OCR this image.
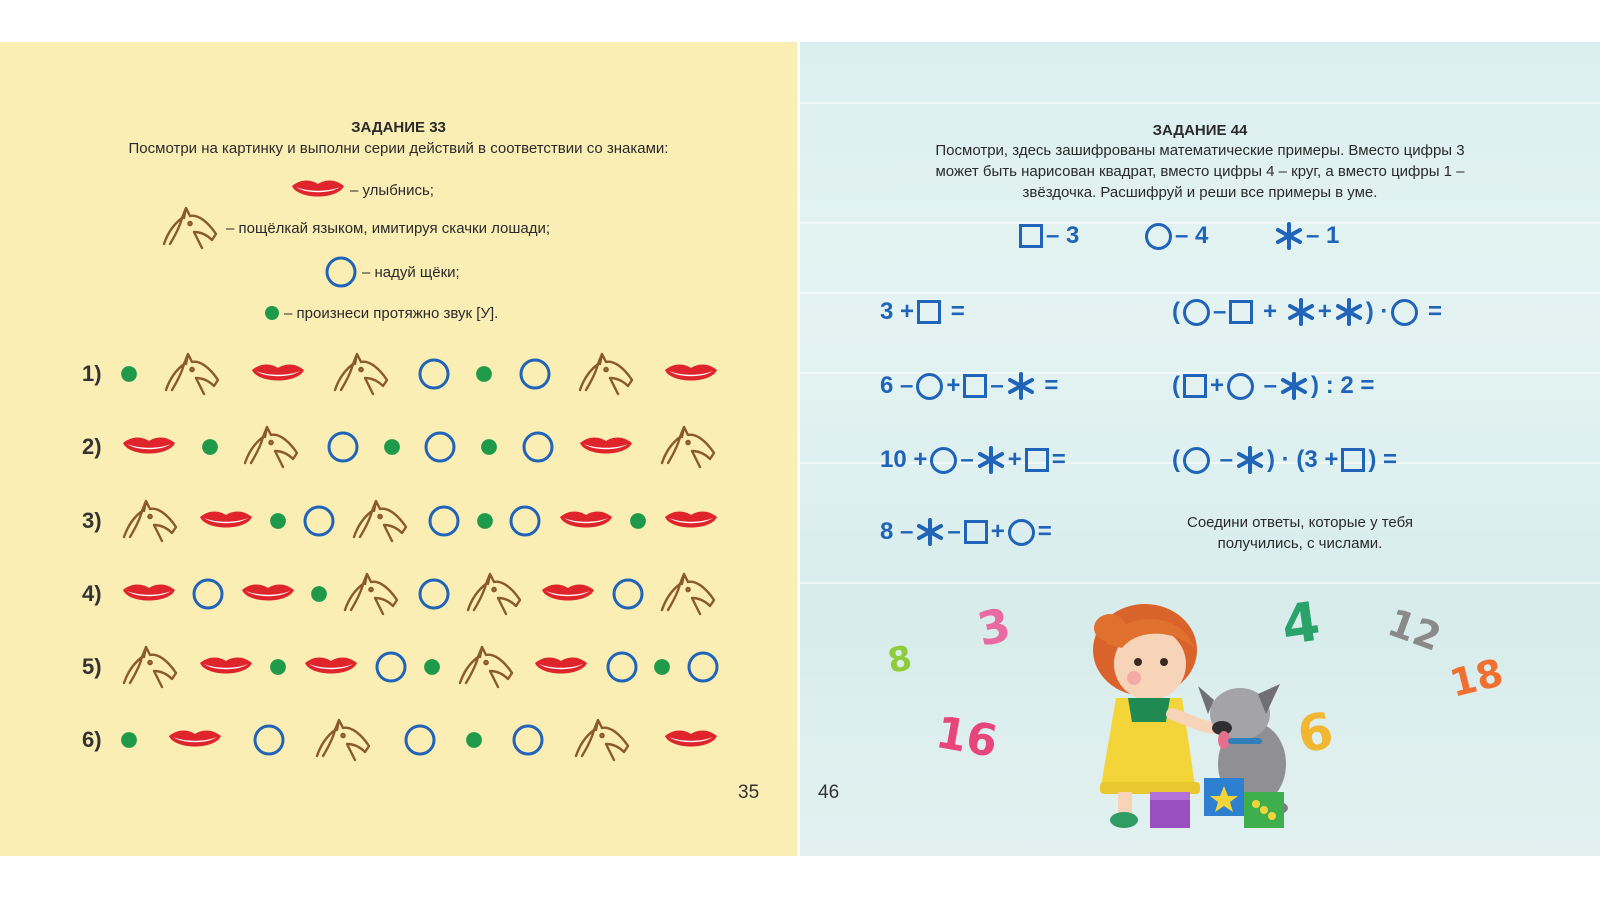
ЗАДАНИЕ 33
Посмотри на картинку и выполни серии действий в соответствии со знаками:
– улыбнись;
– пощёлкай языком, имитируя скачки лошади;
– надуй щёки;
– произнеси протяжно звук [У].
1)
2)
3)
4)
5)
6)
35
ЗАДАНИЕ 44
Посмотри, здесь зашифрованы математические примеры. Вместо цифры 3
может быть нарисован квадрат, вместо цифры 4 – круг, а вместо цифры 1 –
звёздочка. Расшифруй и реши все примеры в уме.
– 3	– 4	– 1
3 + =
6 – + – =
10 + – + =
8 – – + =
( – + + ) · =
( + – ) : 2 =
( – ) · (3 + ) =
Соедини ответы, которые у тебя
получились, с числами.
3	4 12
8	18
16	6
46
